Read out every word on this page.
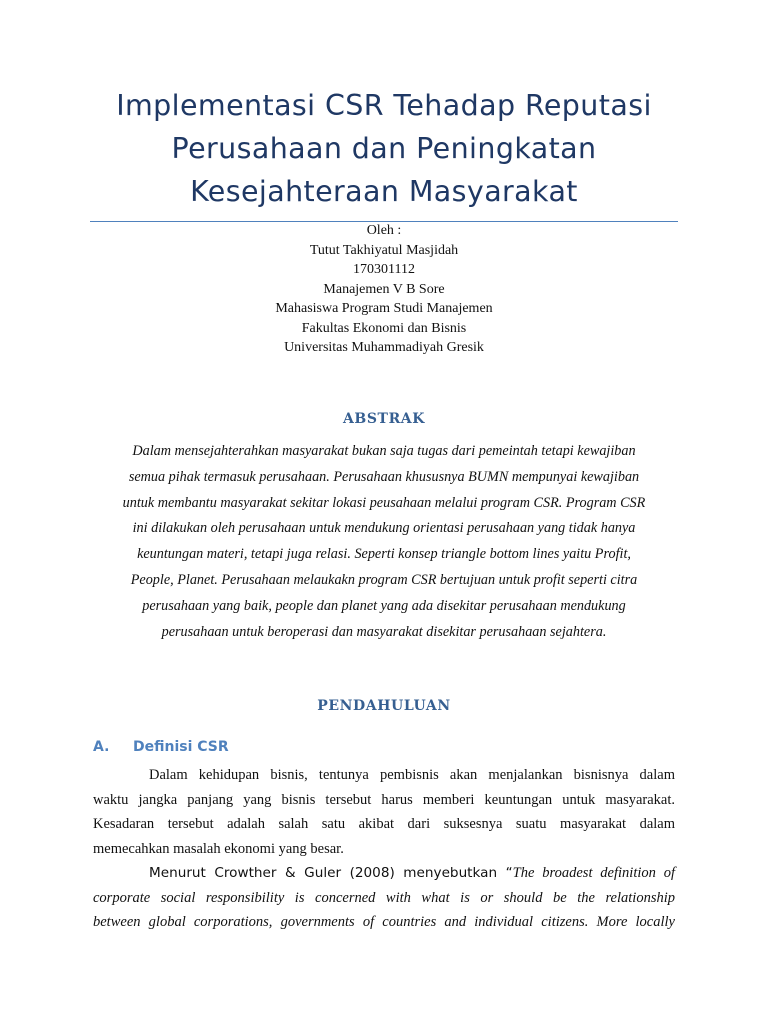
Implementasi CSR Tehadap Reputasi
Perusahaan dan Peningkatan
Kesejahteraan Masyarakat
Oleh :
Tutut Takhiyatul Masjidah
170301112
Manajemen V B Sore
Mahasiswa Program Studi Manajemen
Fakultas Ekonomi dan Bisnis
Universitas Muhammadiyah Gresik
ABSTRAK
Dalam mensejahterahkan masyarakat bukan saja tugas dari pemeintah tetapi kewajiban
semua pihak termasuk perusahaan. Perusahaan khususnya BUMN mempunyai kewajiban
untuk membantu masyarakat sekitar lokasi peusahaan melalui program CSR. Program CSR
ini dilakukan oleh perusahaan untuk mendukung orientasi perusahaan yang tidak hanya
keuntungan materi, tetapi juga relasi. Seperti konsep triangle bottom lines yaitu Profit,
People, Planet. Perusahaan melaukakn program CSR bertujuan untuk profit seperti citra
perusahaan yang baik, people dan planet yang ada disekitar perusahaan mendukung
perusahaan untuk beroperasi dan masyarakat disekitar perusahaan sejahtera.
PENDAHULUAN
A. Definisi CSR
Dalam kehidupan bisnis, tentunya pembisnis akan menjalankan bisnisnya dalam
waktu jangka panjang yang bisnis tersebut harus memberi keuntungan untuk masyarakat.
Kesadaran tersebut adalah salah satu akibat dari suksesnya suatu masyarakat dalam
memecahkan masalah ekonomi yang besar.
Menurut Crowther & Guler (2008) menyebutkan “The broadest definition of
corporate social responsibility is concerned with what is or should be the relationship
between global corporations, governments of countries and individual citizens. More locally
